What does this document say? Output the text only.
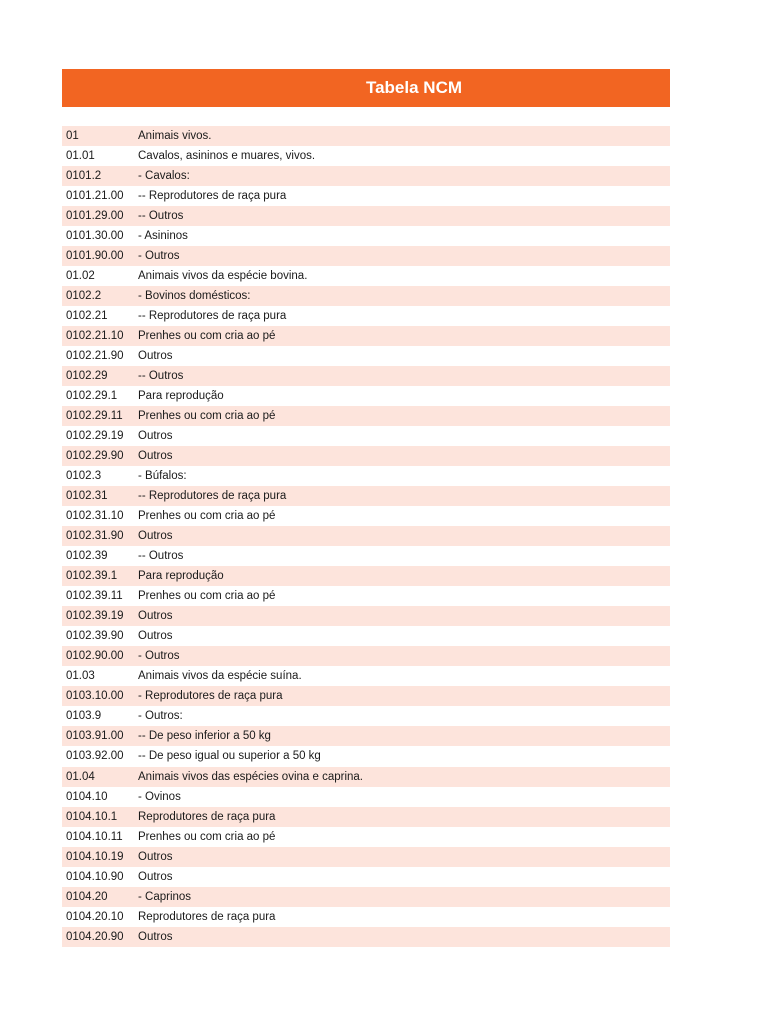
Tabela NCM
01	Animais vivos.
01.01	Cavalos, asininos e muares, vivos.
0101.2	- Cavalos:
0101.21.00	-- Reprodutores de raça pura
0101.29.00	-- Outros
0101.30.00	- Asininos
0101.90.00	- Outros
01.02	Animais vivos da espécie bovina.
0102.2	- Bovinos domésticos:
0102.21	-- Reprodutores de raça pura
0102.21.10	Prenhes ou com cria ao pé
0102.21.90	Outros
0102.29	-- Outros
0102.29.1	Para reprodução
0102.29.11	Prenhes ou com cria ao pé
0102.29.19	Outros
0102.29.90	Outros
0102.3	- Búfalos:
0102.31	-- Reprodutores de raça pura
0102.31.10	Prenhes ou com cria ao pé
0102.31.90	Outros
0102.39	-- Outros
0102.39.1	Para reprodução
0102.39.11	Prenhes ou com cria ao pé
0102.39.19	Outros
0102.39.90	Outros
0102.90.00	- Outros
01.03	Animais vivos da espécie suína.
0103.10.00	- Reprodutores de raça pura
0103.9	- Outros:
0103.91.00	-- De peso inferior a 50 kg
0103.92.00	-- De peso igual ou superior a 50 kg
01.04	Animais vivos das espécies ovina e caprina.
0104.10	- Ovinos
0104.10.1	Reprodutores de raça pura
0104.10.11	Prenhes ou com cria ao pé
0104.10.19	Outros
0104.10.90	Outros
0104.20	- Caprinos
0104.20.10	Reprodutores de raça pura
0104.20.90	Outros
